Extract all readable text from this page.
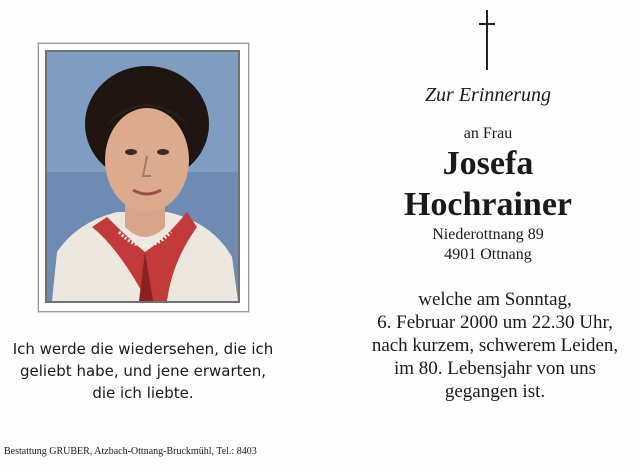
Ich werde die wiedersehen, die ich
geliebt habe, und jene erwarten,
die ich liebte.
Bestattung GRUBER, Atzbach-Ottnang-Bruckmühl, Tel.: 8403
Zur Erinnerung
an Frau
Josefa
Hochrainer
Niederottnang 89
4901 Ottnang
welche am Sonntag,
6. Februar 2000 um 22.30 Uhr,
nach kurzem, schwerem Leiden,
im 80. Lebensjahr von uns
gegangen ist.
